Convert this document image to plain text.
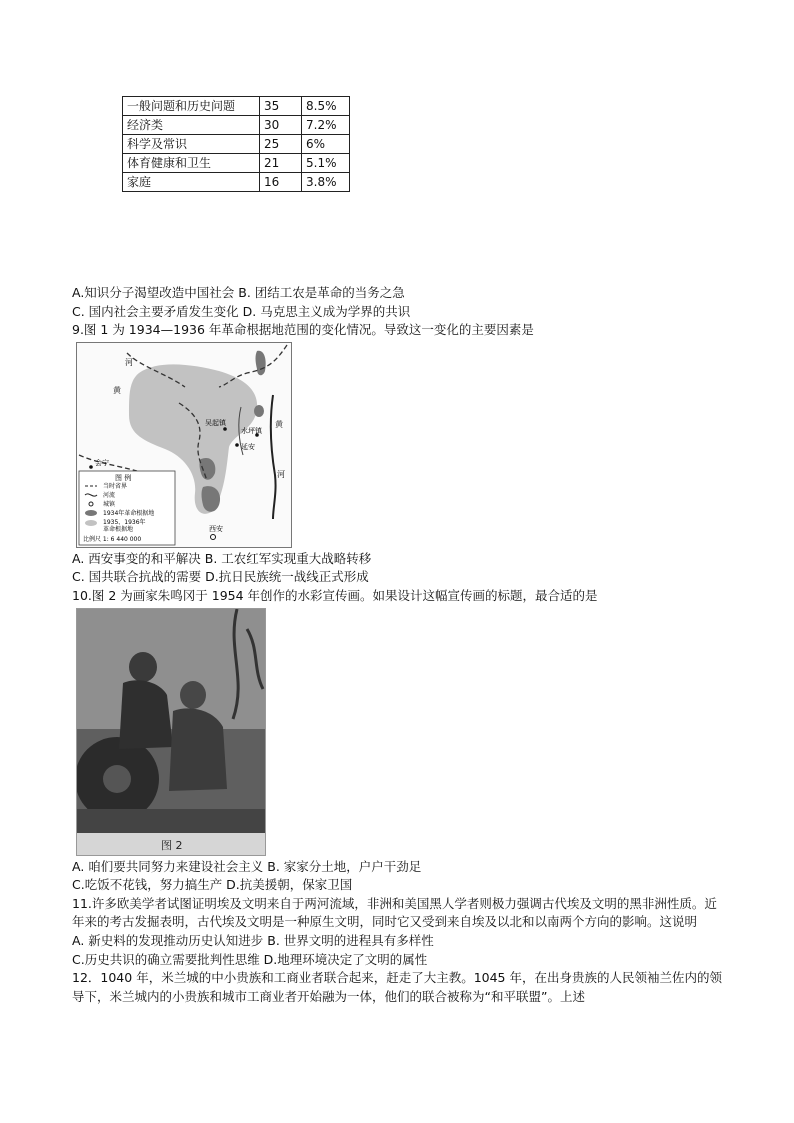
一般问题和历史问题	35	8.5%
经济类	30	7.2%
科学及常识	25	6%
体育健康和卫生	21	5.1%
家庭	16	3.8%
A.知识分子渴望改造中国社会 B. 团结工农是革命的当务之急
C. 国内社会主要矛盾发生变化 D. 马克思主义成为学界的共识
9.图 1 为 1934—1936 年革命根据地范围的变化情况。导致这一变化的主要因素是
河
黄
黄
河
吴起镇
水坪镇
延安
会宁
西安
图 例
当时省界
河流
城镇
1934年革命根据地
1935、1936年
革命根据地
比例尺 1: 6 440 000
A. 西安事变的和平解决 B. 工农红军实现重大战略转移
C. 国共联合抗战的需要 D.抗日民族统一战线正式形成
10.图 2 为画家朱鸣冈于 1954 年创作的水彩宣传画。如果设计这幅宣传画的标题，最合适的是
图 2
A. 咱们要共同努力来建设社会主义 B. 家家分土地，户户干劲足
C.吃饭不花钱，努力搞生产 D.抗美援朝，保家卫国
11.许多欧美学者试图证明埃及文明来自于两河流域，非洲和美国黑人学者则极力强调古代埃及文明的黑非洲性质。近年来的考古发掘表明，古代埃及文明是一种原生文明，同时它又受到来自埃及以北和以南两个方向的影响。这说明
A. 新史料的发现推动历史认知进步 B. 世界文明的进程具有多样性
C.历史共识的确立需要批判性思维 D.地理环境决定了文明的属性
12．1040 年，米兰城的中小贵族和工商业者联合起来，赶走了大主教。1045 年，在出身贵族的人民领袖兰佐内的领导下，米兰城内的小贵族和城市工商业者开始融为一体，他们的联合被称为“和平联盟”。上述
